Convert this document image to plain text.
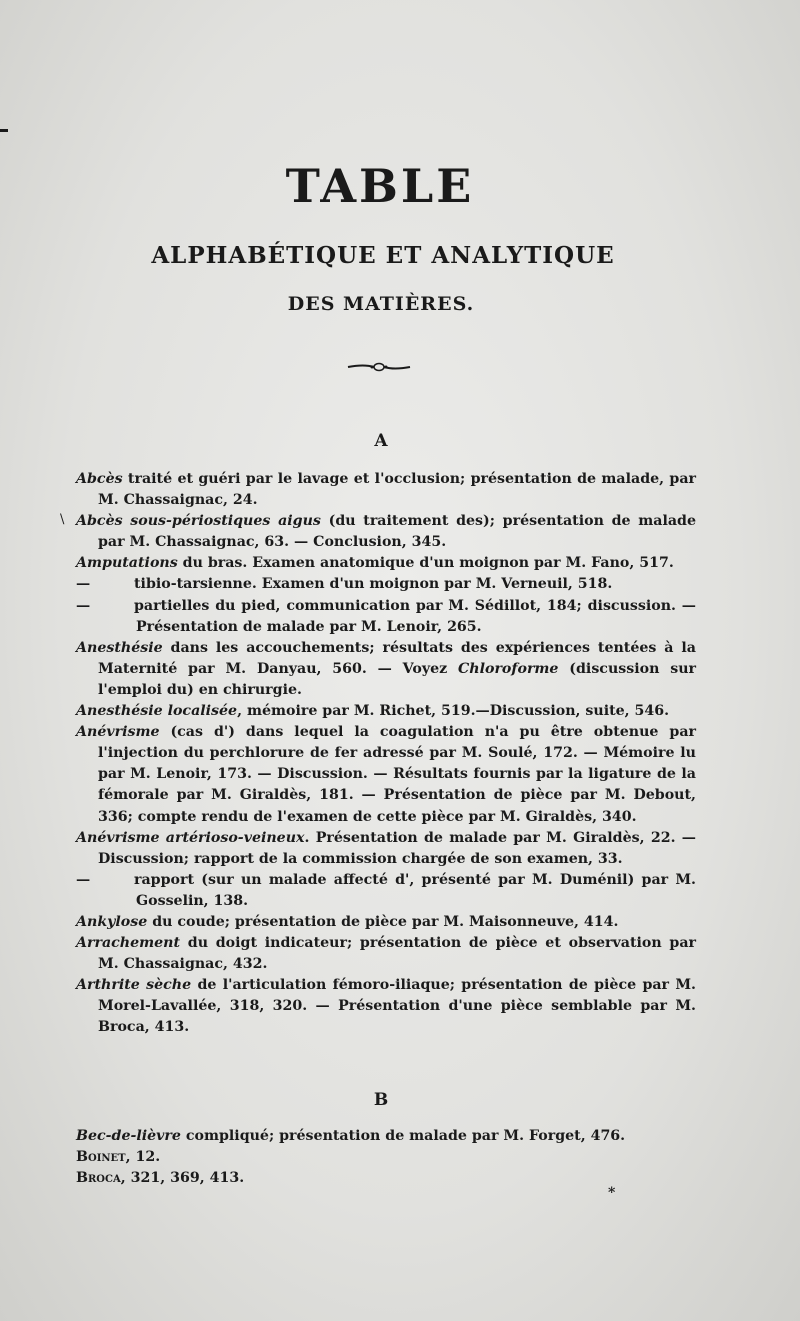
TABLE
ALPHABÉTIQUE ET ANALYTIQUE
DES MATIÈRES.
A
\

Abcès traité et guéri par le lavage et l'occlusion; présentation de malade, par M. Chassaignac, 24.

Abcès sous-périostiques aigus (du traitement des); présentation de malade par M. Chassaignac, 63. — Conclusion, 345.

Amputations du bras. Examen anatomique d'un moignon par M. Fano, 517.

—	tibio-tarsienne. Examen d'un moignon par M. Verneuil, 518.

—	partielles du pied, communication par M. Sédillot, 184; discussion. — Présentation de malade par M. Lenoir, 265.

Anesthésie dans les accouchements; résultats des expériences tentées à la Maternité par M. Danyau, 560. — Voyez Chloroforme (discussion sur l'emploi du) en chirurgie.

Anesthésie localisée, mémoire par M. Richet, 519.—Discussion, suite, 546.

Anévrisme (cas d') dans lequel la coagulation n'a pu être obtenue par l'injection du perchlorure de fer adressé par M. Soulé, 172. — Mémoire lu par M. Lenoir, 173. — Discussion. — Résultats fournis par la ligature de la fémorale par M. Giraldès, 181. — Présentation de pièce par M. Debout, 336; compte rendu de l'examen de cette pièce par M. Giraldès, 340.

Anévrisme artérioso-veineux. Présentation de malade par M. Giraldès, 22. — Discussion; rapport de la commission chargée de son examen, 33.

—	rapport (sur un malade affecté d', présenté par M. Duménil) par M. Gosselin, 138.

Ankylose du coude; présentation de pièce par M. Maisonneuve, 414.

Arrachement du doigt indicateur; présentation de pièce et observation par M. Chassaignac, 432.

Arthrite sèche de l'articulation fémoro-iliaque; présentation de pièce par M. Morel-Lavallée, 318, 320. — Présentation d'une pièce semblable par M. Broca, 413.

B

Bec-de-lièvre compliqué; présentation de malade par M. Forget, 476.

Boinet, 12.

Broca, 321, 369, 413.

*
